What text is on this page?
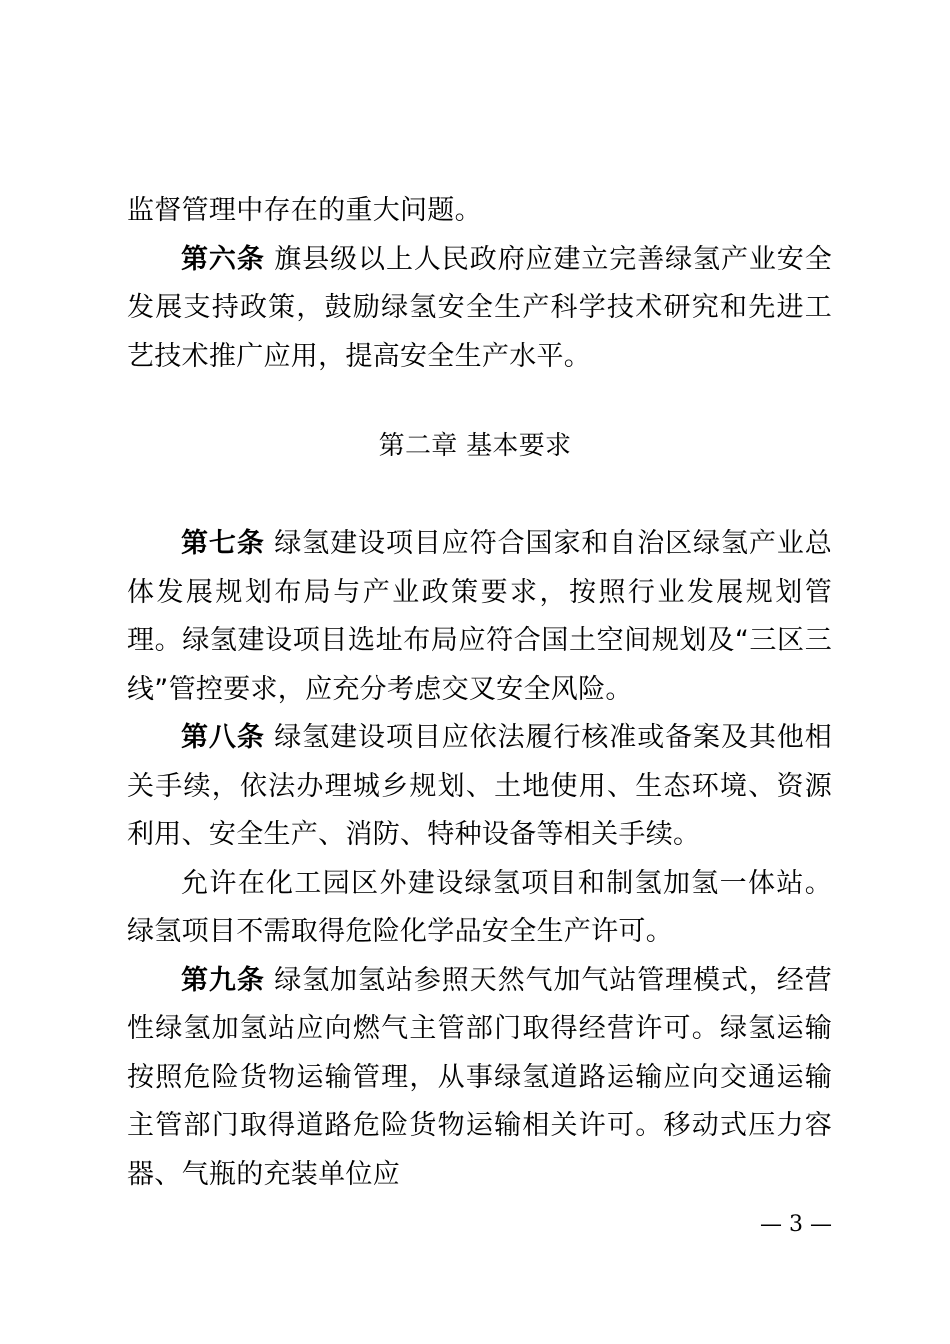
监督管理中存在的重大问题。

第六条 旗县级以上人民政府应建立完善绿氢产业安全发展支持政策，鼓励绿氢安全生产科学技术研究和先进工艺技术推广应用，提高安全生产水平。

第二章 基本要求

第七条 绿氢建设项目应符合国家和自治区绿氢产业总体发展规划布局与产业政策要求，按照行业发展规划管理。绿氢建设项目选址布局应符合国土空间规划及“三区三线”管控要求，应充分考虑交叉安全风险。

第八条 绿氢建设项目应依法履行核准或备案及其他相关手续，依法办理城乡规划、土地使用、生态环境、资源利用、安全生产、消防、特种设备等相关手续。

允许在化工园区外建设绿氢项目和制氢加氢一体站。绿氢项目不需取得危险化学品安全生产许可。

第九条 绿氢加氢站参照天然气加气站管理模式，经营性绿氢加氢站应向燃气主管部门取得经营许可。绿氢运输按照危险货物运输管理，从事绿氢道路运输应向交通运输主管部门取得道路危险货物运输相关许可。移动式压力容器、气瓶的充装单位应

— 3 —
